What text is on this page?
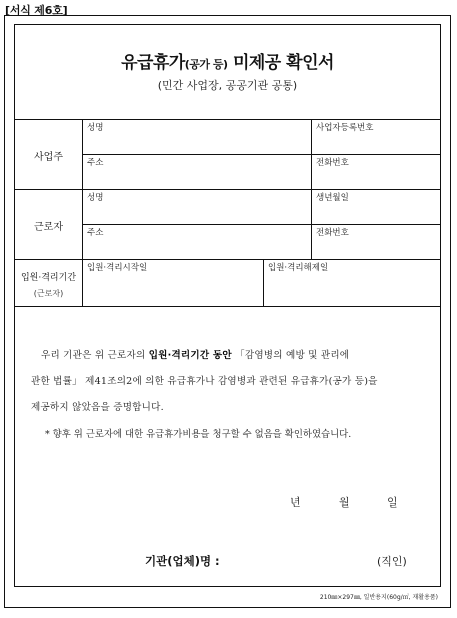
[서식 제6호]
유급휴가(공가 등) 미제공 확인서
(민간 사업장, 공공기관 공통)
사업주
성명	사업자등록번호
주소	전화번호
근로자
성명	생년월일
주소	전화번호
입원·격리기간
(근로자)
입원·격리시작일	입원·격리해제일
우리 기관은 위 근로자의 입원·격리기간 동안 「감염병의 예방 및 관리에
관한 법률」 제41조의2에 의한 유급휴가나 감염병과 관련된 유급휴가(공가 등)을
제공하지 않았음을 증명합니다.
* 향후 위 근로자에 대한 유급휴가비용을 청구할 수 없음을 확인하였습니다.
년	월	일
기관(업체)명 :	(직인)
210㎜×297㎜, 일반용지(60g/㎡, 재활용품)
